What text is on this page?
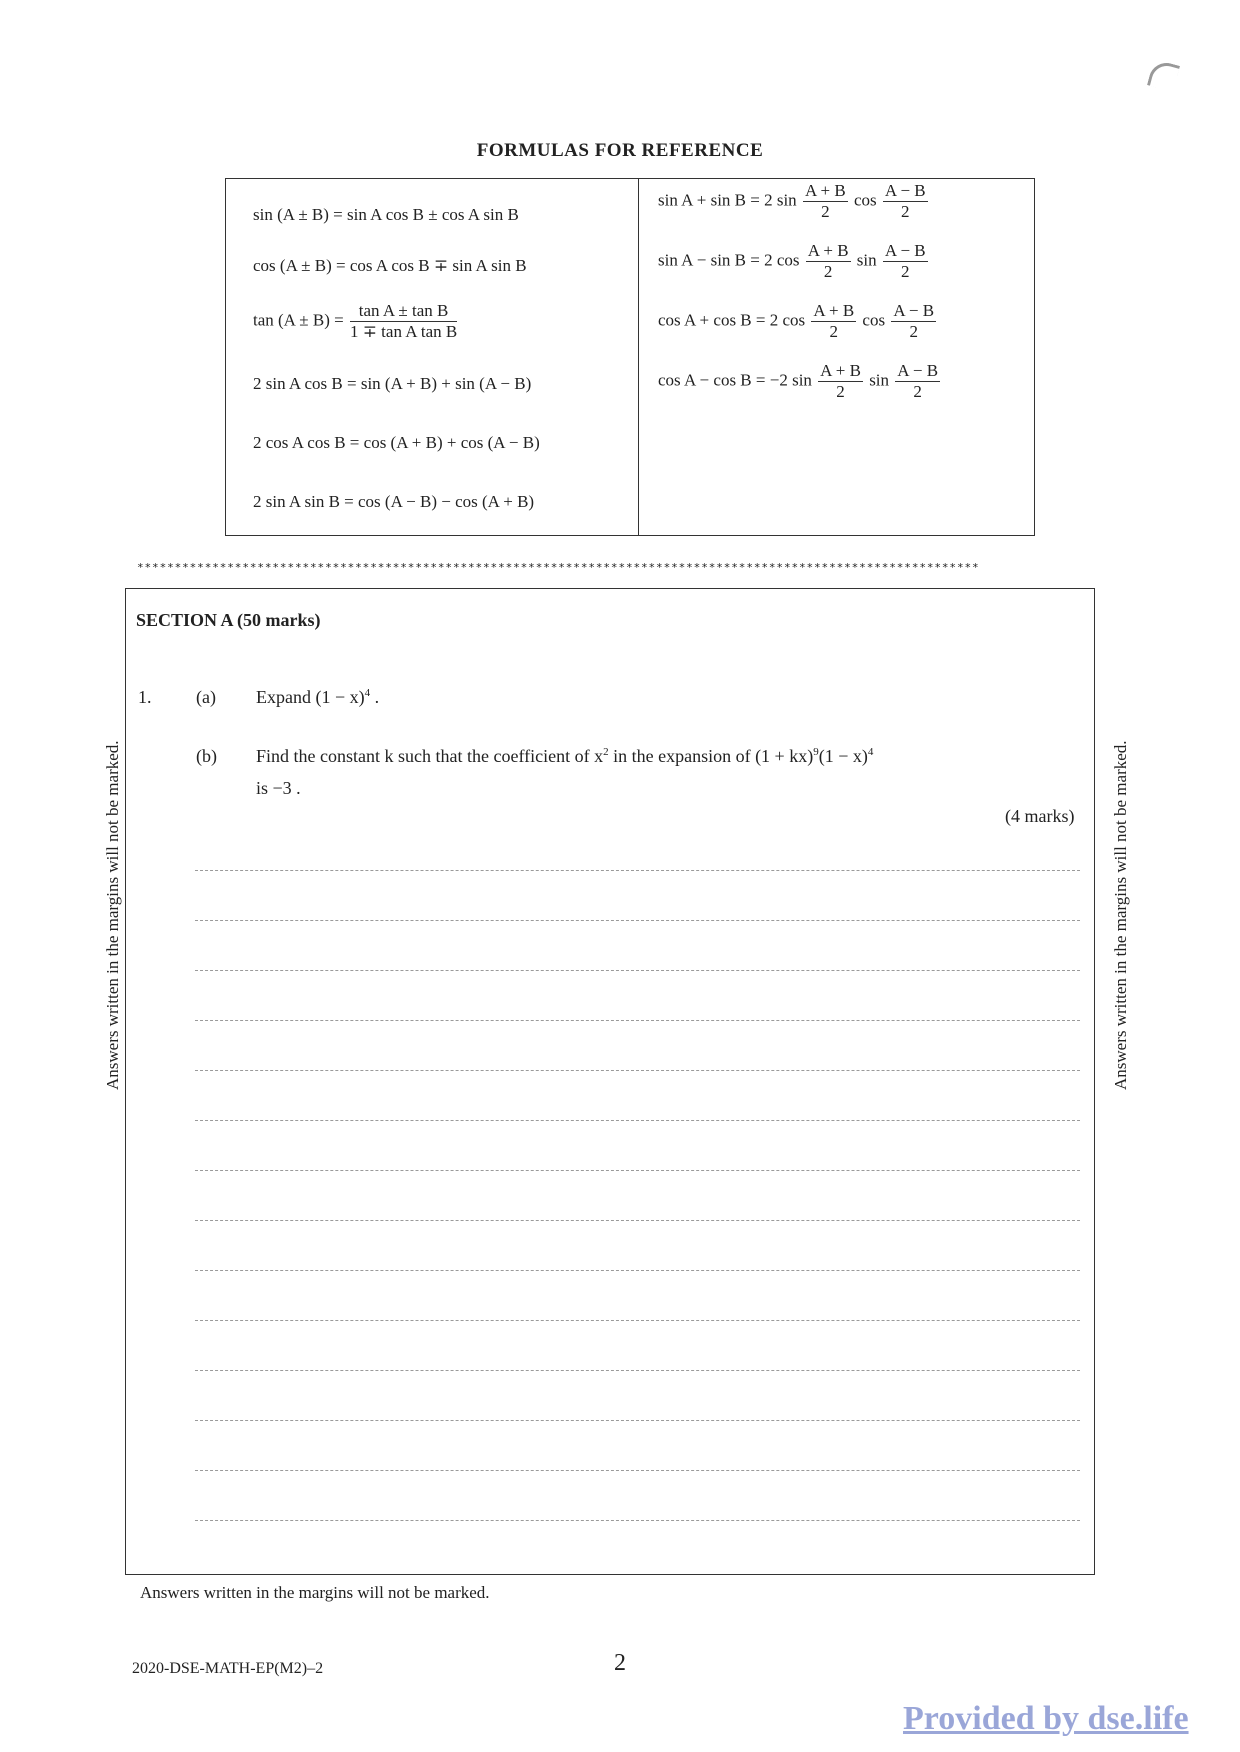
FORMULAS FOR REFERENCE
sin (A ± B) = sin A cos B ± cos A sin B
cos (A ± B) = cos A cos B ∓ sin A sin B
$\tan (A \pm B) = \frac{\text{tan A ± tan B}}{\text{1 ∓ tan A tan B}}$
2 sin A cos B = sin (A + B) + sin (A − B)
2 cos A cos B = cos (A + B) + cos (A − B)
2 sin A sin B = cos (A − B) − cos (A + B)
sin A + sin B = 2 $\sin \frac{A + B}{2}$ $\cos \frac{A - B}{2}$
sin A − sin B = 2 $\cos \frac{A + B}{2}$ $\sin \frac{A - B}{2}$
cos A + cos B = 2 $\cos \frac{A + B}{2}$ $\cos \frac{A - B}{2}$
cos A − cos B = −2 $\sin \frac{A + B}{2}$ $\sin \frac{A - B}{2}$
****************************************************************************************************************
SECTION A (50 marks)
1. (a) Expand $(1 - x)^4$ .
(b) Find the constant k such that the coefficient of $x^2$ in the expansion of $(1 + kx)^9(1 - x)^4$
is −3 .
(4 marks)
Answers written in the margins will not be marked.	Answers written in the margins will not be marked.
Answers written in the margins will not be marked.
2020-DSE-MATH-EP(M2)–2	2
Provided by dse.life
